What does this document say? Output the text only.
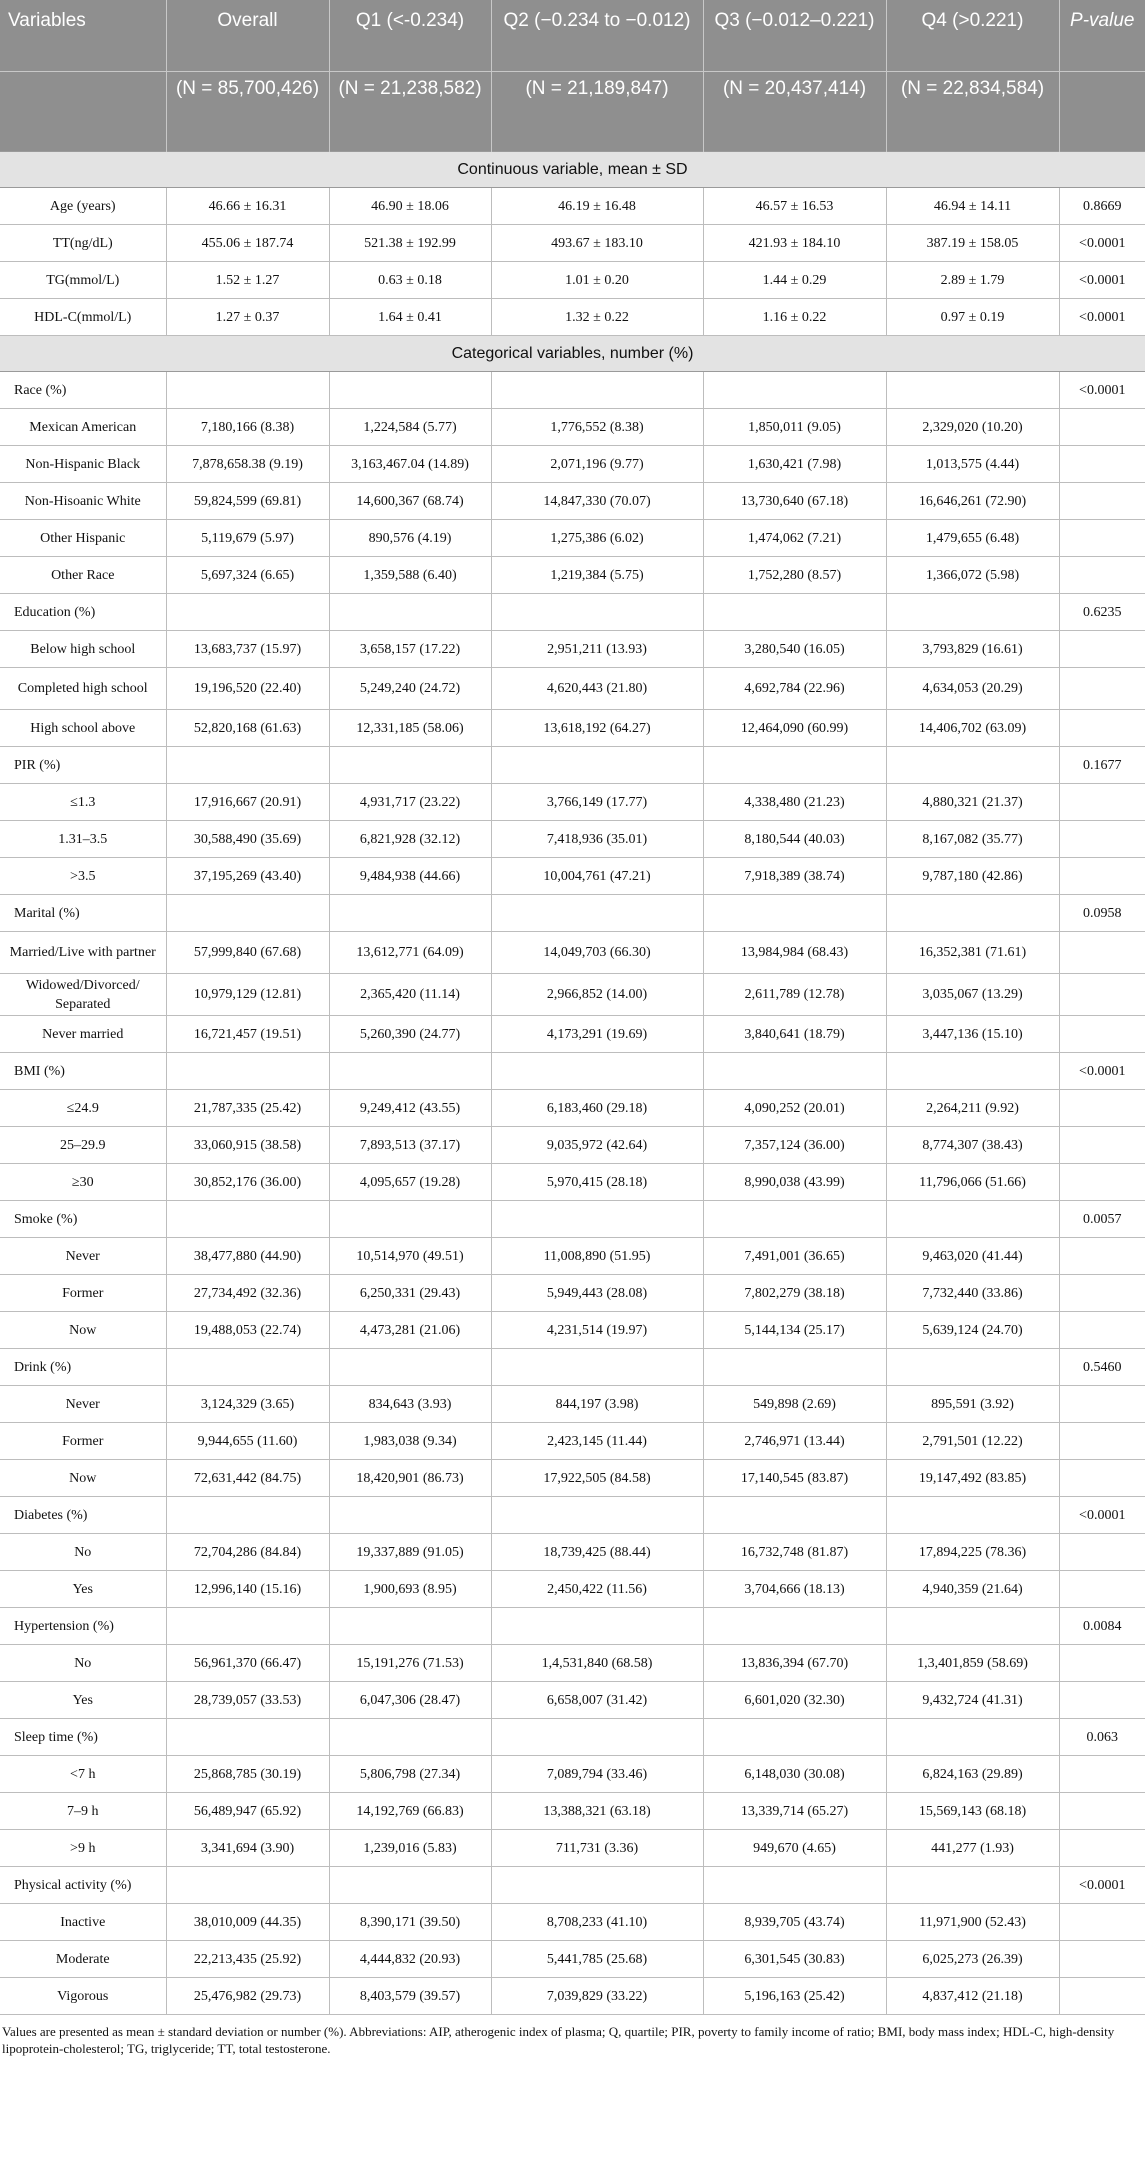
Variables	Overall	Q1 (<-0.234)	Q2 (−0.234 to −0.012)	Q3 (−0.012–0.221)	Q4 (>0.221)	P-value
	(N = 85,700,426)	(N = 21,238,582)	(N = 21,189,847)	(N = 20,437,414)	(N = 22,834,584)	
Continuous variable, mean ± SD						
Age (years)	46.66 ± 16.31	46.90 ± 18.06	46.19 ± 16.48	46.57 ± 16.53	46.94 ± 14.11	0.8669
TT(ng/dL)	455.06 ± 187.74	521.38 ± 192.99	493.67 ± 183.10	421.93 ± 184.10	387.19 ± 158.05	<0.0001
TG(mmol/L)	1.52 ± 1.27	0.63 ± 0.18	1.01 ± 0.20	1.44 ± 0.29	2.89 ± 1.79	<0.0001
HDL-C(mmol/L)	1.27 ± 0.37	1.64 ± 0.41	1.32 ± 0.22	1.16 ± 0.22	0.97 ± 0.19	<0.0001
Categorical variables, number (%)						
Race (%)						<0.0001
Mexican American	7,180,166 (8.38)	1,224,584 (5.77)	1,776,552 (8.38)	1,850,011 (9.05)	2,329,020 (10.20)	
Non-Hispanic Black	7,878,658.38 (9.19)	3,163,467.04 (14.89)	2,071,196 (9.77)	1,630,421 (7.98)	1,013,575 (4.44)	
Non-Hisoanic White	59,824,599 (69.81)	14,600,367 (68.74)	14,847,330 (70.07)	13,730,640 (67.18)	16,646,261 (72.90)	
Other Hispanic	5,119,679 (5.97)	890,576 (4.19)	1,275,386 (6.02)	1,474,062 (7.21)	1,479,655 (6.48)	
Other Race	5,697,324 (6.65)	1,359,588 (6.40)	1,219,384 (5.75)	1,752,280 (8.57)	1,366,072 (5.98)	
Education (%)						0.6235
Below high school	13,683,737 (15.97)	3,658,157 (17.22)	2,951,211 (13.93)	3,280,540 (16.05)	3,793,829 (16.61)	
Completed high school	19,196,520 (22.40)	5,249,240 (24.72)	4,620,443 (21.80)	4,692,784 (22.96)	4,634,053 (20.29)	
High school above	52,820,168 (61.63)	12,331,185 (58.06)	13,618,192 (64.27)	12,464,090 (60.99)	14,406,702 (63.09)	
PIR (%)						0.1677
≤1.3	17,916,667 (20.91)	4,931,717 (23.22)	3,766,149 (17.77)	4,338,480 (21.23)	4,880,321 (21.37)	
1.31–3.5	30,588,490 (35.69)	6,821,928 (32.12)	7,418,936 (35.01)	8,180,544 (40.03)	8,167,082 (35.77)	
>3.5	37,195,269 (43.40)	9,484,938 (44.66)	10,004,761 (47.21)	7,918,389 (38.74)	9,787,180 (42.86)	
Marital (%)						0.0958
Married/Live with partner	57,999,840 (67.68)	13,612,771 (64.09)	14,049,703 (66.30)	13,984,984 (68.43)	16,352,381 (71.61)	
Widowed/Divorced/ Separated	10,979,129 (12.81)	2,365,420 (11.14)	2,966,852 (14.00)	2,611,789 (12.78)	3,035,067 (13.29)	
Never married	16,721,457 (19.51)	5,260,390 (24.77)	4,173,291 (19.69)	3,840,641 (18.79)	3,447,136 (15.10)	
BMI (%)						<0.0001
≤24.9	21,787,335 (25.42)	9,249,412 (43.55)	6,183,460 (29.18)	4,090,252 (20.01)	2,264,211 (9.92)	
25–29.9	33,060,915 (38.58)	7,893,513 (37.17)	9,035,972 (42.64)	7,357,124 (36.00)	8,774,307 (38.43)	
≥30	30,852,176 (36.00)	4,095,657 (19.28)	5,970,415 (28.18)	8,990,038 (43.99)	11,796,066 (51.66)	
Smoke (%)						0.0057
Never	38,477,880 (44.90)	10,514,970 (49.51)	11,008,890 (51.95)	7,491,001 (36.65)	9,463,020 (41.44)	
Former	27,734,492 (32.36)	6,250,331 (29.43)	5,949,443 (28.08)	7,802,279 (38.18)	7,732,440 (33.86)	
Now	19,488,053 (22.74)	4,473,281 (21.06)	4,231,514 (19.97)	5,144,134 (25.17)	5,639,124 (24.70)	
Drink (%)						0.5460
Never	3,124,329 (3.65)	834,643 (3.93)	844,197 (3.98)	549,898 (2.69)	895,591 (3.92)	
Former	9,944,655 (11.60)	1,983,038 (9.34)	2,423,145 (11.44)	2,746,971 (13.44)	2,791,501 (12.22)	
Now	72,631,442 (84.75)	18,420,901 (86.73)	17,922,505 (84.58)	17,140,545 (83.87)	19,147,492 (83.85)	
Diabetes (%)						<0.0001
No	72,704,286 (84.84)	19,337,889 (91.05)	18,739,425 (88.44)	16,732,748 (81.87)	17,894,225 (78.36)	
Yes	12,996,140 (15.16)	1,900,693 (8.95)	2,450,422 (11.56)	3,704,666 (18.13)	4,940,359 (21.64)	
Hypertension (%)						0.0084
No	56,961,370 (66.47)	15,191,276 (71.53)	1,4,531,840 (68.58)	13,836,394 (67.70)	1,3,401,859 (58.69)	
Yes	28,739,057 (33.53)	6,047,306 (28.47)	6,658,007 (31.42)	6,601,020 (32.30)	9,432,724 (41.31)	
Sleep time (%)						0.063
<7 h	25,868,785 (30.19)	5,806,798 (27.34)	7,089,794 (33.46)	6,148,030 (30.08)	6,824,163 (29.89)	
7–9 h	56,489,947 (65.92)	14,192,769 (66.83)	13,388,321 (63.18)	13,339,714 (65.27)	15,569,143 (68.18)	
>9 h	3,341,694 (3.90)	1,239,016 (5.83)	711,731 (3.36)	949,670 (4.65)	441,277 (1.93)	
Physical activity (%)						<0.0001
Inactive	38,010,009 (44.35)	8,390,171 (39.50)	8,708,233 (41.10)	8,939,705 (43.74)	11,971,900 (52.43)	
Moderate	22,213,435 (25.92)	4,444,832 (20.93)	5,441,785 (25.68)	6,301,545 (30.83)	6,025,273 (26.39)	
Vigorous	25,476,982 (29.73)	8,403,579 (39.57)	7,039,829 (33.22)	5,196,163 (25.42)	4,837,412 (21.18)	
Values are presented as mean ± standard deviation or number (%). Abbreviations: AIP, atherogenic index of plasma; Q, quartile; PIR, poverty to family income of ratio; BMI, body mass index; HDL-C, high-density lipoprotein-cholesterol; TG, triglyceride; TT, total testosterone.
